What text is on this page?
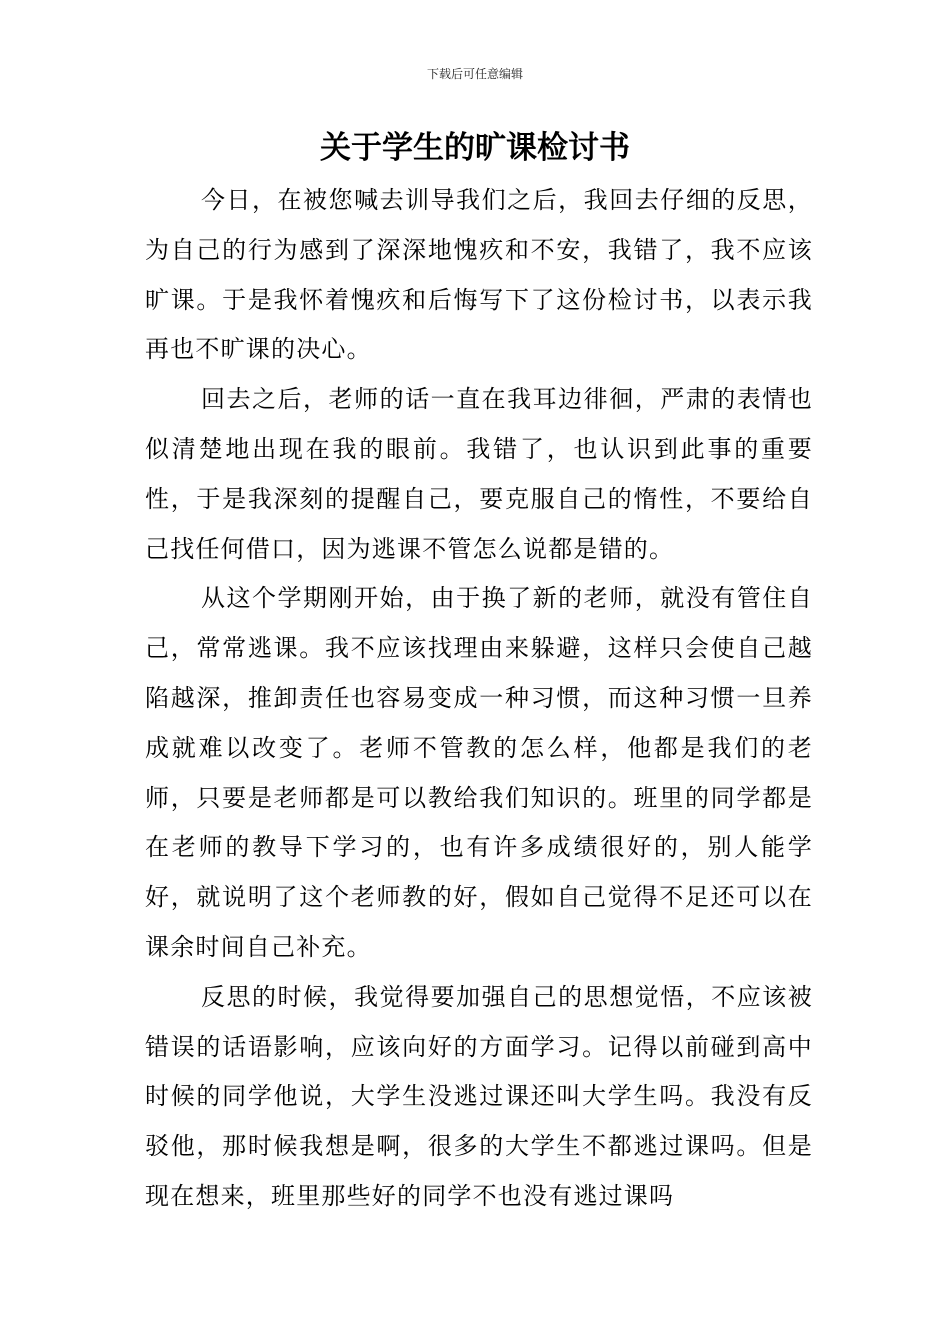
下载后可任意编辑
关于学生的旷课检讨书

今日，在被您喊去训导我们之后，我回去仔细的反思，为自己的行为感到了深深地愧疚和不安，我错了，我不应该旷课。于是我怀着愧疚和后悔写下了这份检讨书，以表示我再也不旷课的决心。

回去之后，老师的话一直在我耳边徘徊，严肃的表情也似清楚地出现在我的眼前。我错了，也认识到此事的重要性，于是我深刻的提醒自己，要克服自己的惰性，不要给自己找任何借口，因为逃课不管怎么说都是错的。

从这个学期刚开始，由于换了新的老师，就没有管住自己，常常逃课。我不应该找理由来躲避，这样只会使自己越陷越深，推卸责任也容易变成一种习惯，而这种习惯一旦养成就难以改变了。老师不管教的怎么样，他都是我们的老师，只要是老师都是可以教给我们知识的。班里的同学都是在老师的教导下学习的，也有许多成绩很好的，别人能学好，就说明了这个老师教的好，假如自己觉得不足还可以在课余时间自己补充。

反思的时候，我觉得要加强自己的思想觉悟，不应该被错误的话语影响，应该向好的方面学习。记得以前碰到高中时候的同学他说，大学生没逃过课还叫大学生吗。我没有反驳他，那时候我想是啊，很多的大学生不都逃过课吗。但是现在想来，班里那些好的同学不也没有逃过课吗
